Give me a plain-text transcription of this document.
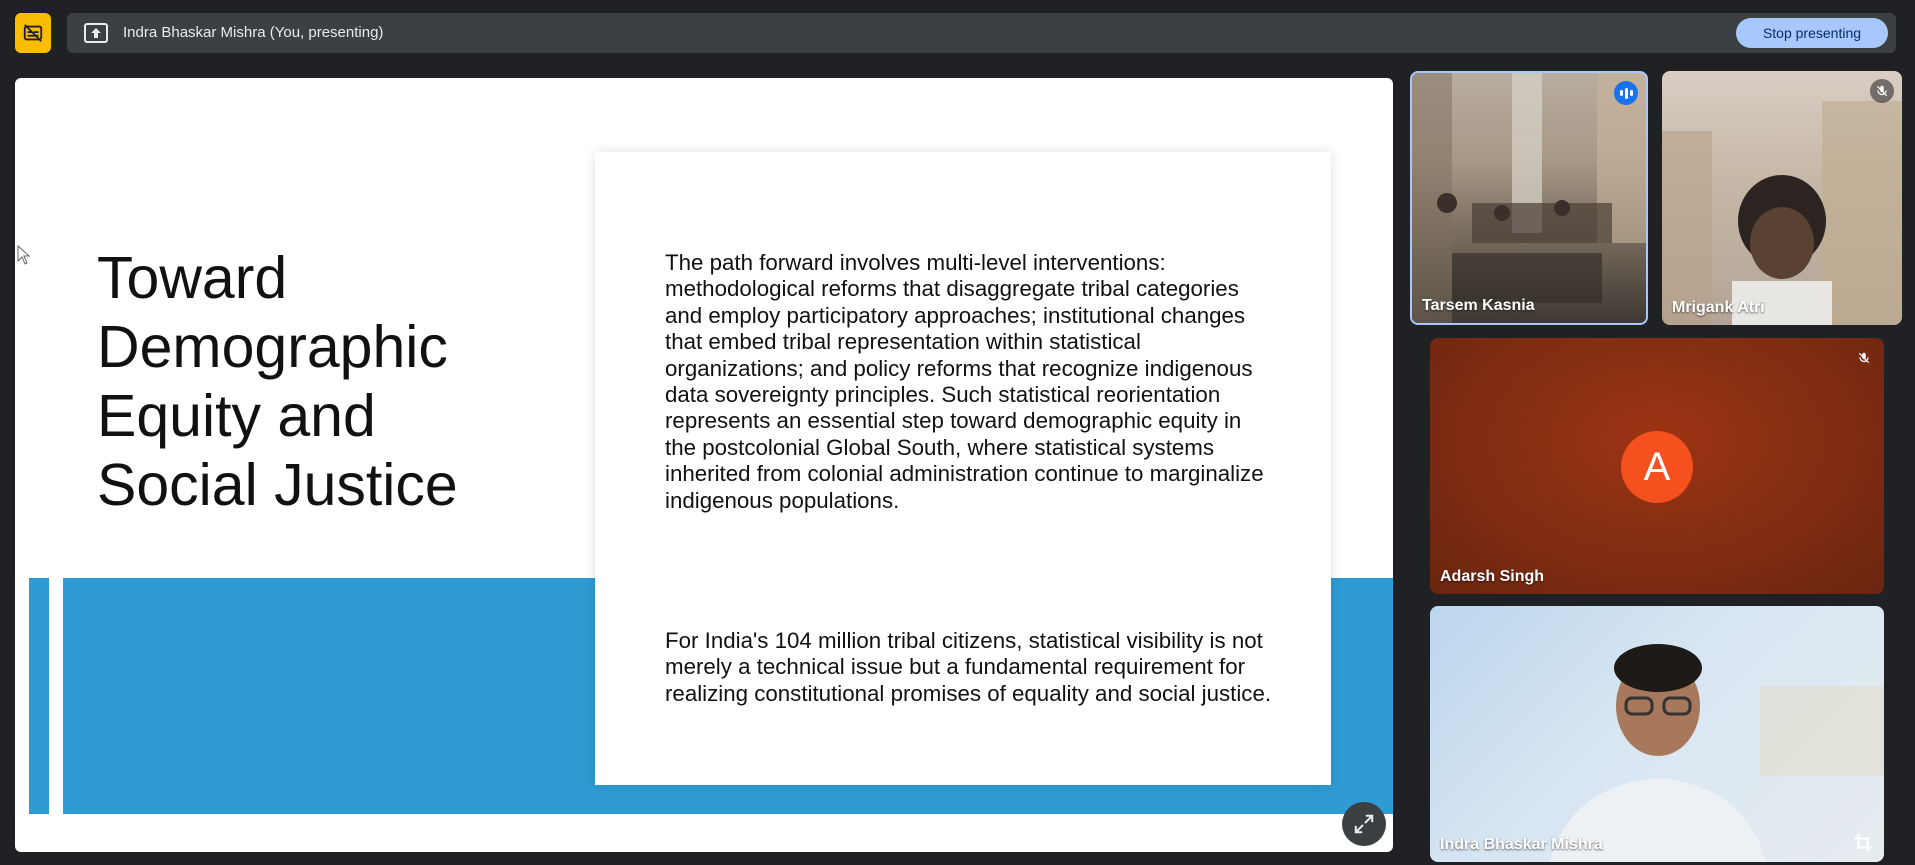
Indra Bhaskar Mishra (You, presenting)	Stop presenting
Toward Demographic Equity and Social Justice

The path forward involves multi-level interventions: methodological reforms that disaggregate tribal categories and employ participatory approaches; institutional changes that embed tribal representation within statistical organizations; and policy reforms that recognize indigenous data sovereignty principles. Such statistical reorientation represents an essential step toward demographic equity in the postcolonial Global South, where statistical systems inherited from colonial administration continue to marginalize indigenous populations.

For India's 104 million tribal citizens, statistical visibility is not merely a technical issue but a fundamental requirement for realizing constitutional promises of equality and social justice.

Tarsem Kasnia	Mrigank Atri
A
Adarsh Singh
Indra Bhaskar Mishra
